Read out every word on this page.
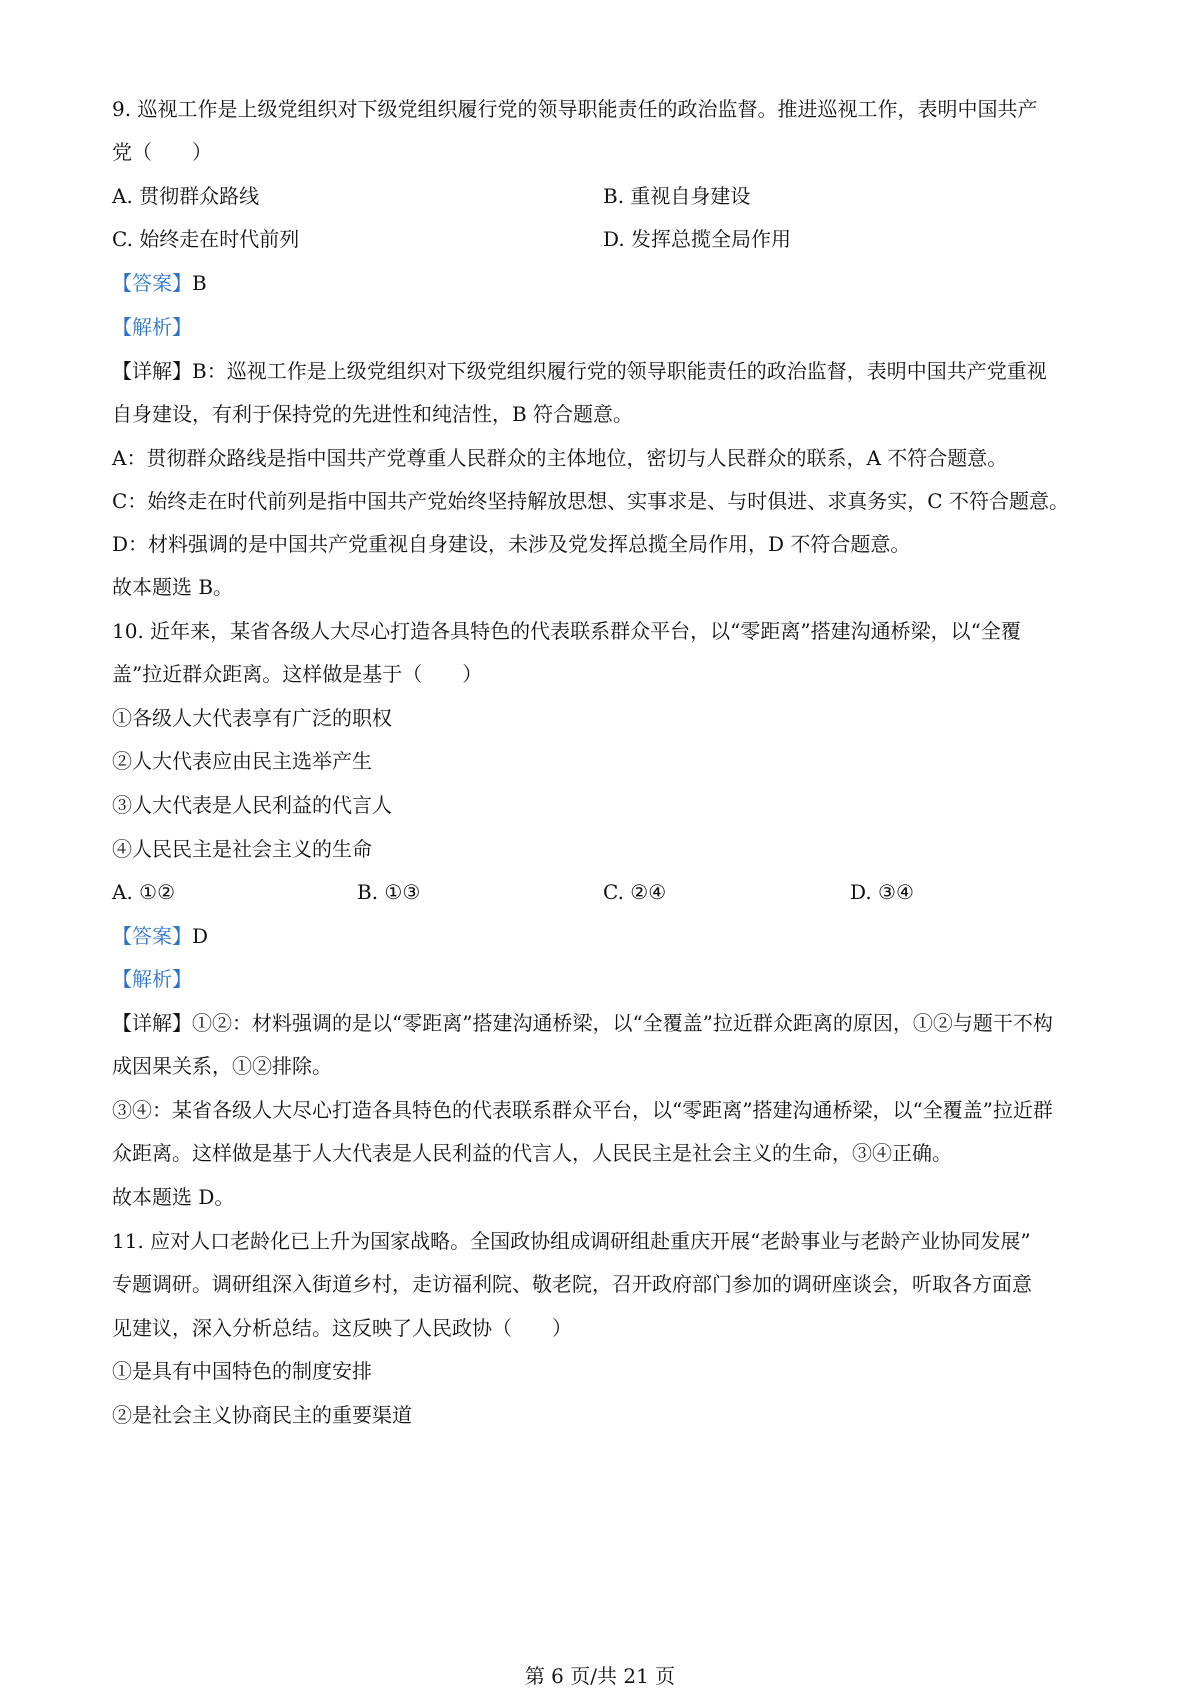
9. 巡视工作是上级党组织对下级党组织履行党的领导职能责任的政治监督。推进巡视工作，表明中国共产
党（　　）
A. 贯彻群众路线	B. 重视自身建设
C. 始终走在时代前列	D. 发挥总揽全局作用
【答案】B
【解析】
【详解】B：巡视工作是上级党组织对下级党组织履行党的领导职能责任的政治监督，表明中国共产党重视
自身建设，有利于保持党的先进性和纯洁性，B 符合题意。
A：贯彻群众路线是指中国共产党尊重人民群众的主体地位，密切与人民群众的联系，A 不符合题意。
C：始终走在时代前列是指中国共产党始终坚持解放思想、实事求是、与时俱进、求真务实，C 不符合题意。
D：材料强调的是中国共产党重视自身建设，未涉及党发挥总揽全局作用，D 不符合题意。
故本题选 B。
10. 近年来，某省各级人大尽心打造各具特色的代表联系群众平台，以“零距离”搭建沟通桥梁，以“全覆
盖”拉近群众距离。这样做是基于（　　）
①各级人大代表享有广泛的职权
②人大代表应由民主选举产生
③人大代表是人民利益的代言人
④人民民主是社会主义的生命
A. ①②	B. ①③	C. ②④	D. ③④
【答案】D
【解析】
【详解】①②：材料强调的是以“零距离”搭建沟通桥梁，以“全覆盖”拉近群众距离的原因，①②与题干不构
成因果关系，①②排除。
③④：某省各级人大尽心打造各具特色的代表联系群众平台，以“零距离”搭建沟通桥梁，以“全覆盖”拉近群
众距离。这样做是基于人大代表是人民利益的代言人，人民民主是社会主义的生命，③④正确。
故本题选 D。
11. 应对人口老龄化已上升为国家战略。全国政协组成调研组赴重庆开展“老龄事业与老龄产业协同发展”
专题调研。调研组深入街道乡村，走访福利院、敬老院，召开政府部门参加的调研座谈会，听取各方面意
见建议，深入分析总结。这反映了人民政协（　　）
①是具有中国特色的制度安排
②是社会主义协商民主的重要渠道
第 6 页/共 21 页
